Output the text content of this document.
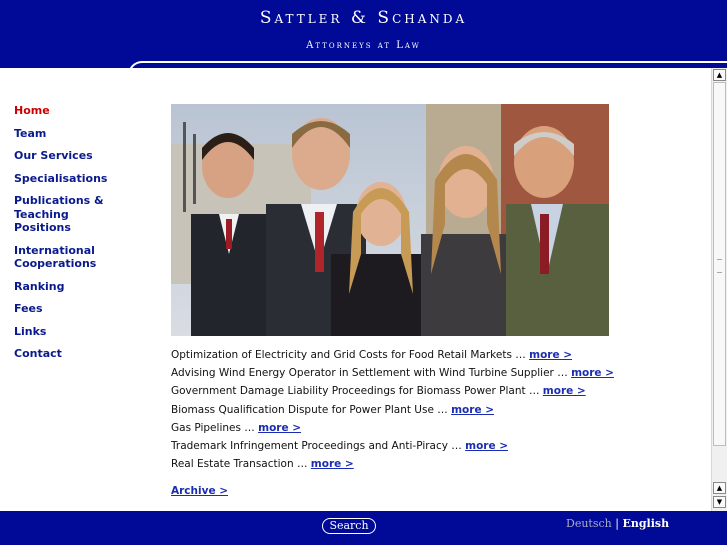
Sattler & Schanda
Attorneys at Law
Home
Team
Our Services
Specialisations
Publications & Teaching Positions
International Cooperations
Ranking
Fees
Links
Contact	Optimization of Electricity and Grid Costs for Food Retail Markets … more >
Advising Wind Energy Operator in Settlement with Wind Turbine Supplier … more >
Government Damage Liability Proceedings for Biomass Power Plant … more >
Biomass Qualification Dispute for Power Plant Use … more >
Gas Pipelines … more >
Trademark Infringement Proceedings and Anti-Piracy … more >
Real Estate Transaction … more >
Archive >
▲
▲
▼
Search	Deutsch | English
